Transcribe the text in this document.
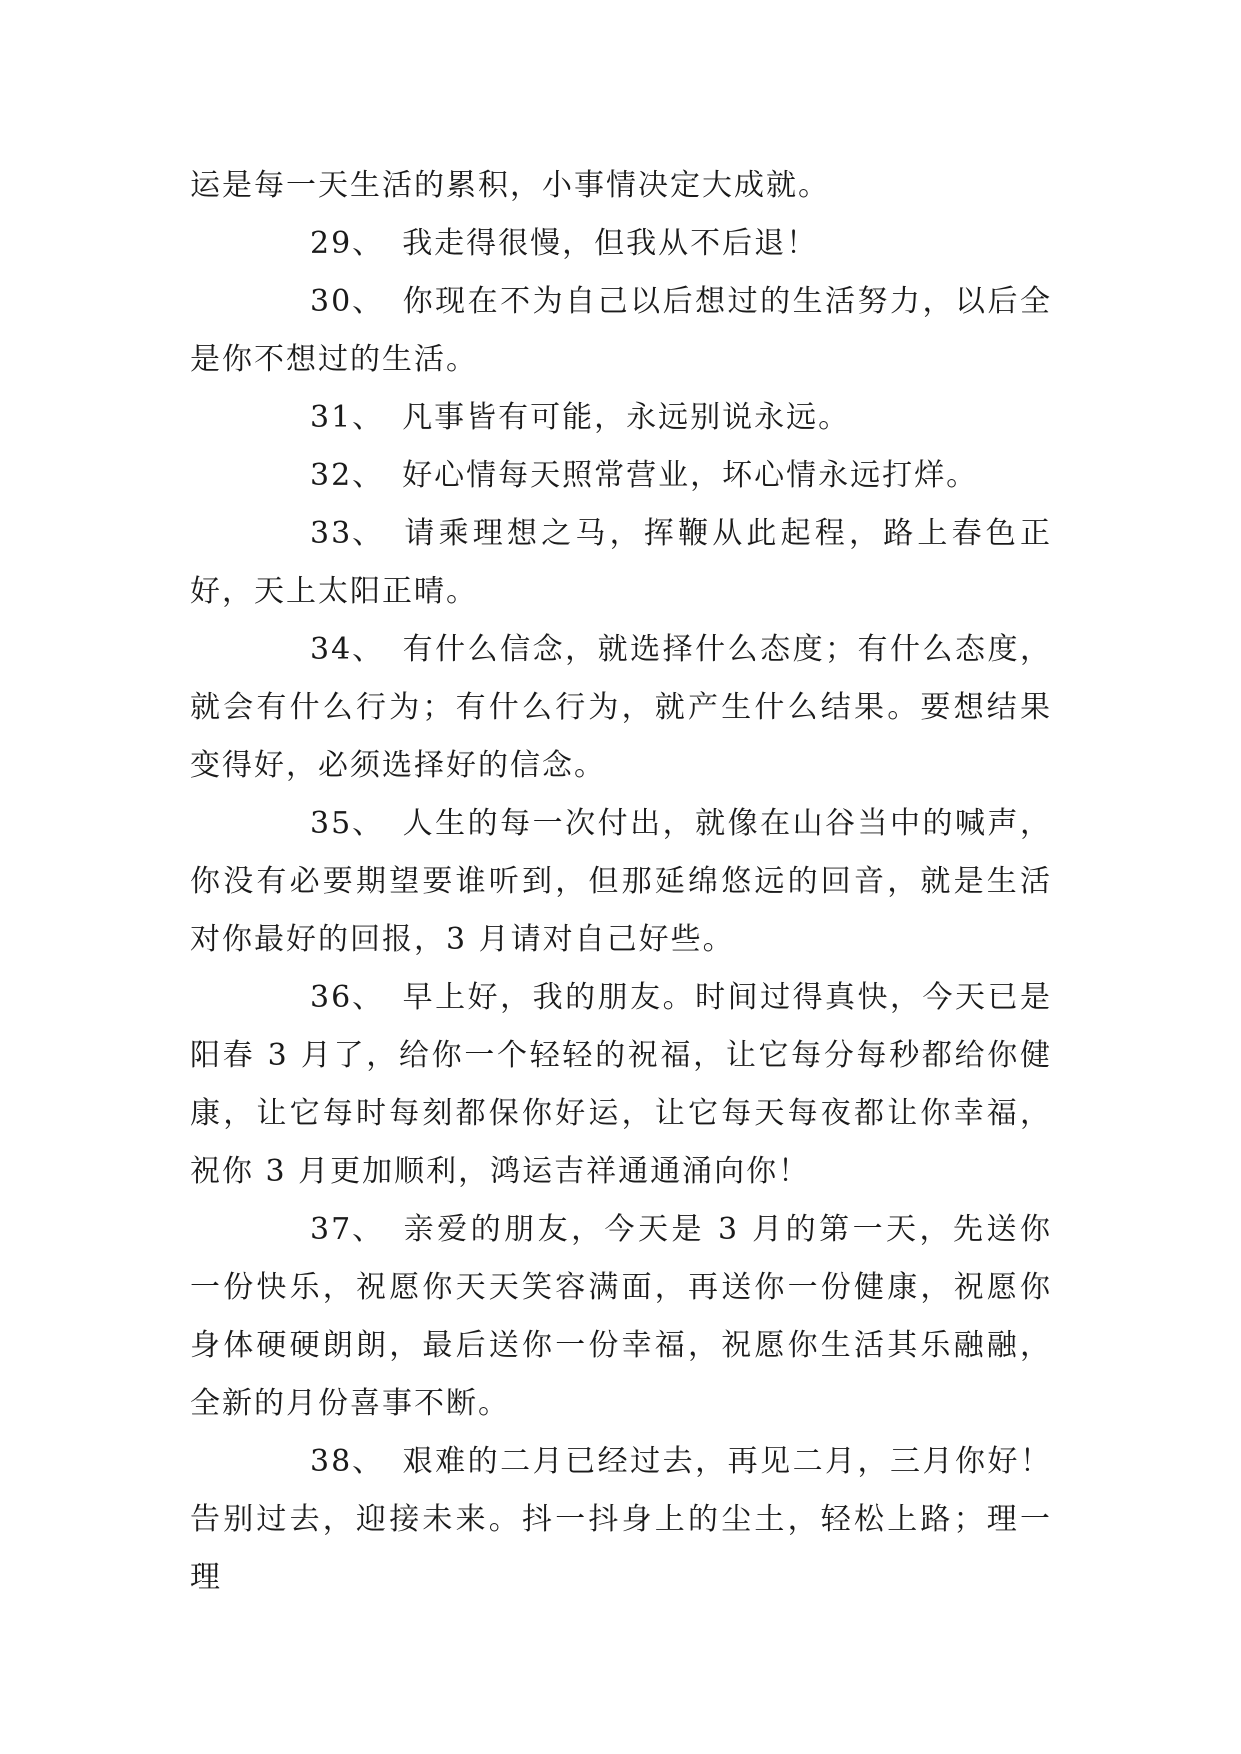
运是每一天生活的累积，小事情决定大成就。

29、 我走得很慢，但我从不后退！

30、 你现在不为自己以后想过的生活努力，以后全是你不想过的生活。

31、 凡事皆有可能，永远别说永远。

32、 好心情每天照常营业，坏心情永远打烊。

33、 请乘理想之马，挥鞭从此起程，路上春色正好，天上太阳正晴。

34、 有什么信念，就选择什么态度；有什么态度，就会有什么行为；有什么行为，就产生什么结果。要想结果变得好，必须选择好的信念。

35、 人生的每一次付出，就像在山谷当中的喊声，你没有必要期望要谁听到，但那延绵悠远的回音，就是生活对你最好的回报，3 月请对自己好些。

36、 早上好，我的朋友。时间过得真快，今天已是阳春 3 月了，给你一个轻轻的祝福，让它每分每秒都给你健康，让它每时每刻都保你好运，让它每天每夜都让你幸福，祝你 3 月更加顺利，鸿运吉祥通通涌向你！

37、 亲爱的朋友，今天是 3 月的第一天，先送你一份快乐，祝愿你天天笑容满面，再送你一份健康，祝愿你身体硬硬朗朗，最后送你一份幸福，祝愿你生活其乐融融，全新的月份喜事不断。

38、 艰难的二月已经过去，再见二月，三月你好！告别过去，迎接未来。抖一抖身上的尘土，轻松上路；理一理
